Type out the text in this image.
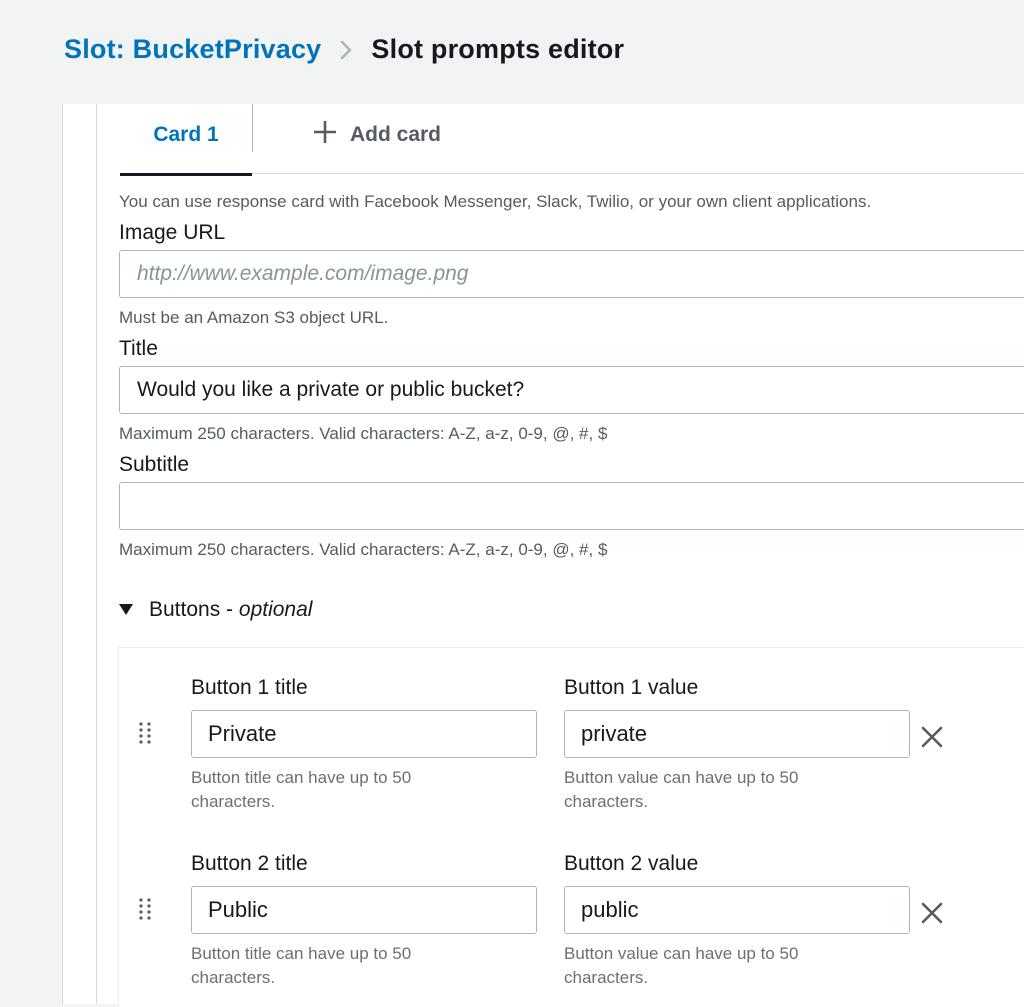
Slot: BucketPrivacy Slot prompts editor
Card 1	Add card
You can use response card with Facebook Messenger, Slack, Twilio, or your own client applications.
Image URL
http://www.example.com/image.png
Must be an Amazon S3 object URL.
Title
Would you like a private or public bucket?
Maximum 250 characters. Valid characters: A-Z, a-z, 0-9, @, #, $
Subtitle
Maximum 250 characters. Valid characters: A-Z, a-z, 0-9, @, #, $
Buttons - optional
Button 1 title
Private
Button title can have up to 50 characters.
Button 1 value
private
Button value can have up to 50 characters.
Button 2 title
Public
Button title can have up to 50 characters.
Button 2 value
public
Button value can have up to 50 characters.
